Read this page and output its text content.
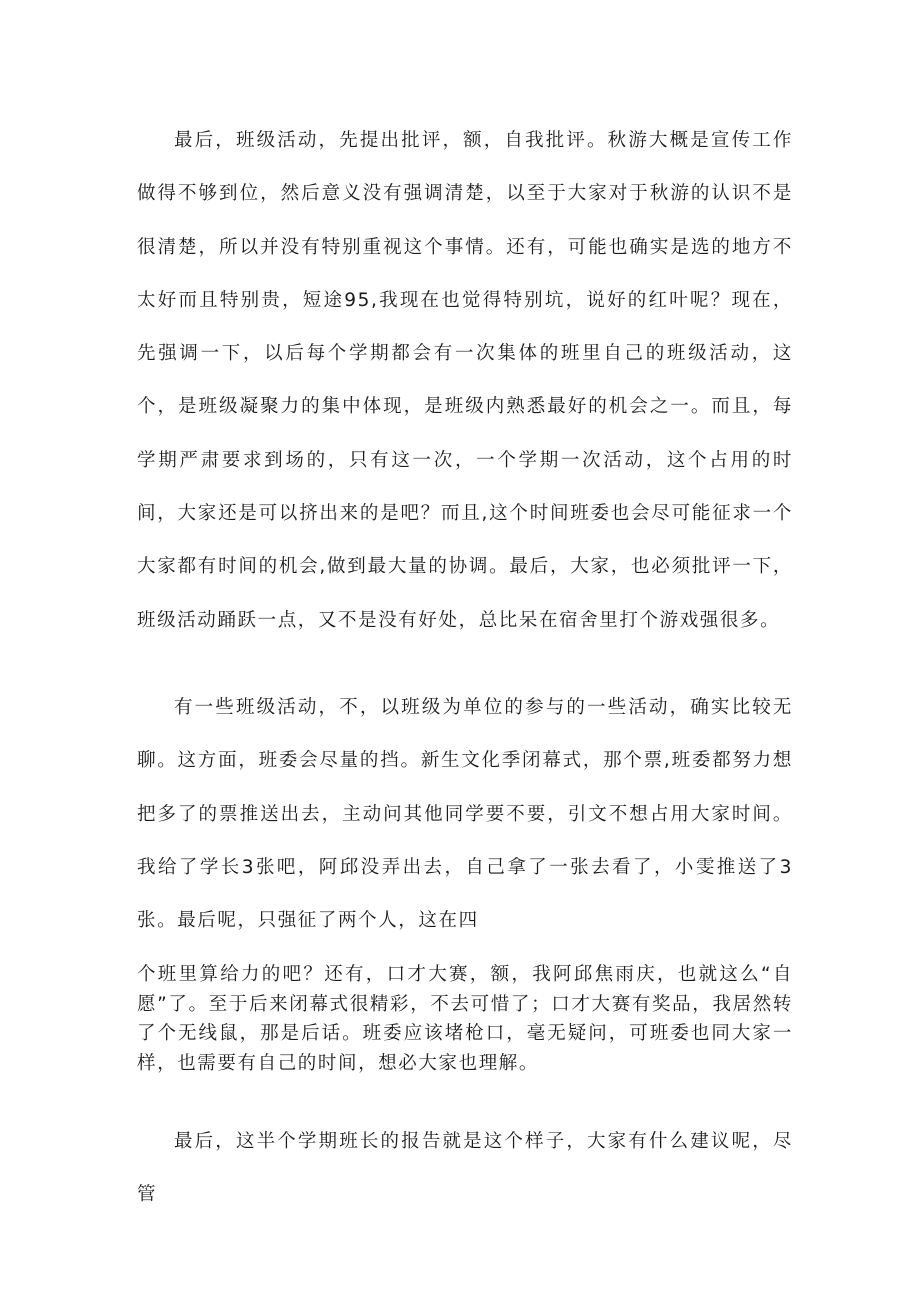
最后，班级活动，先提出批评，额，自我批评。秋游大概是宣传工作做得不够到位，然后意义没有强调清楚，以至于大家对于秋游的认识不是很清楚，所以并没有特别重视这个事情。还有，可能也确实是选的地方不太好而且特别贵，短途95,我现在也觉得特别坑，说好的红叶呢？现在，先强调一下，以后每个学期都会有一次集体的班里自己的班级活动，这个，是班级凝聚力的集中体现，是班级内熟悉最好的机会之一。而且，每学期严肃要求到场的，只有这一次，一个学期一次活动，这个占用的时间，大家还是可以挤出来的是吧？而且,这个时间班委也会尽可能征求一个大家都有时间的机会,做到最大量的协调。最后，大家，也必须批评一下，班级活动踊跃一点，又不是没有好处，总比呆在宿舍里打个游戏强很多。

有一些班级活动，不，以班级为单位的参与的一些活动，确实比较无聊。这方面，班委会尽量的挡。新生文化季闭幕式，那个票,班委都努力想把多了的票推送出去，主动问其他同学要不要，引文不想占用大家时间。我给了学长3张吧，阿邱没弄出去，自己拿了一张去看了，小雯推送了3张。最后呢，只强征了两个人，这在四

个班里算给力的吧？还有，口才大赛，额，我阿邱焦雨庆，也就这么“自愿”了。至于后来闭幕式很精彩，不去可惜了；口才大赛有奖品，我居然转了个无线鼠，那是后话。班委应该堵枪口，毫无疑问，可班委也同大家一样，也需要有自己的时间，想必大家也理解。

最后，这半个学期班长的报告就是这个样子，大家有什么建议呢，尽管
